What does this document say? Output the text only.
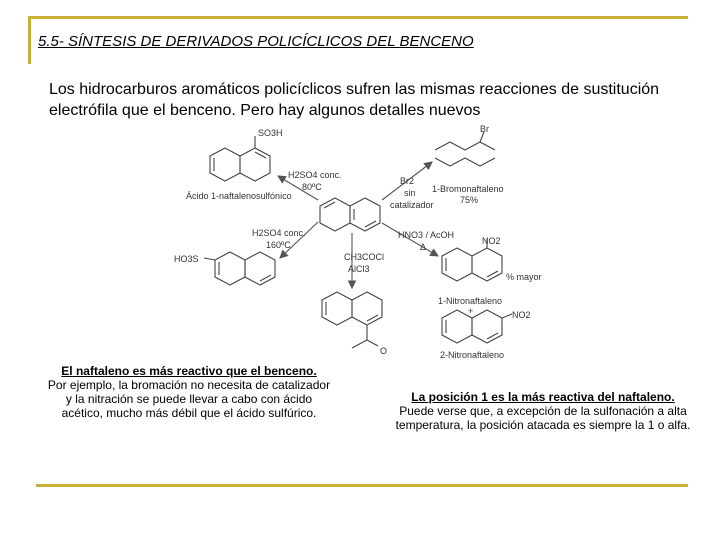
5.5- SÍNTESIS DE DERIVADOS POLICÍCLICOS DEL BENCENO
Los hidrocarburos aromáticos policíclicos sufren las mismas reacciones de sustitución electrófila que el benceno. Pero hay algunos detalles nuevos
SO3H
H2SO4 conc.
80ºC
Ácido 1-naftalenosulfónico
H2SO4 conc.
160ºC
HO3S
Br
Br2
sin
catalizador
1-Bromonaftaleno
75%
HNO3 / AcOH
Δ
NO2
% mayor
1-Nitronaftaleno
+	NO2
2-Nitronaftaleno
CH3COCl
AlCl3
O
El naftaleno es más reactivo que el benceno.
Por ejemplo, la bromación no necesita de catalizador y la nitración se puede llevar a cabo con ácido acético, mucho más débil que el ácido sulfúrico.
La posición 1 es la más reactiva del naftaleno.
Puede verse que, a excepción de la sulfonación a alta temperatura, la posición atacada es siempre la 1 o alfa.
